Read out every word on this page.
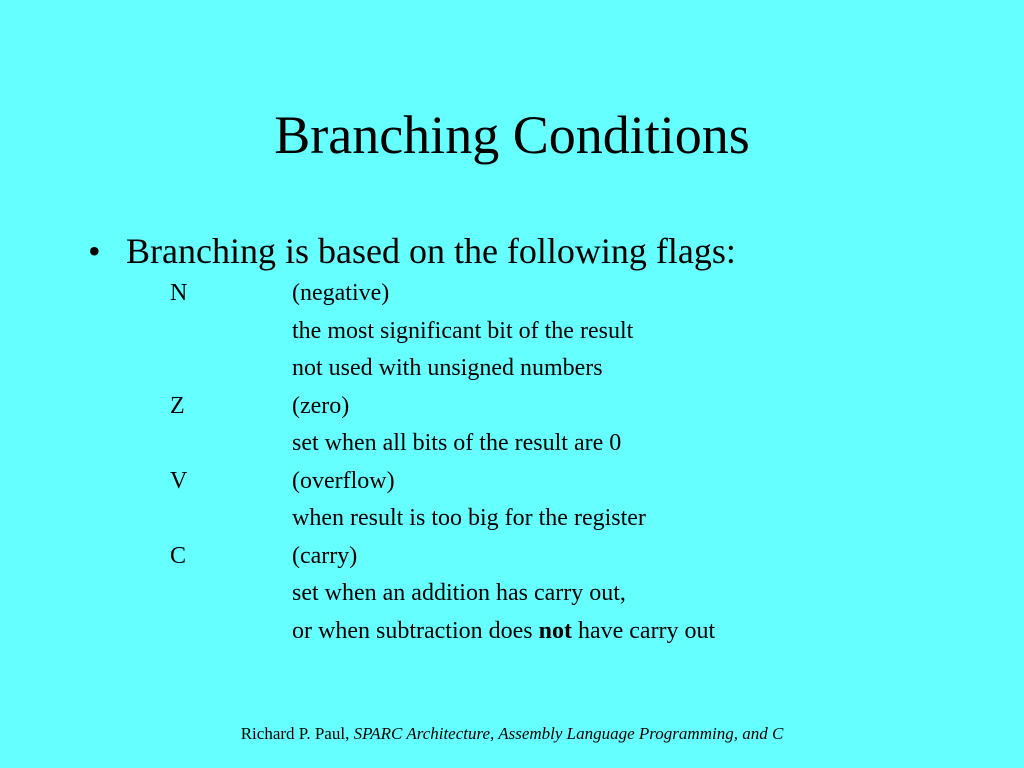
Branching Conditions
• Branching is based on the following flags:
N	(negative)
the most significant bit of the result
not used with unsigned numbers
Z	(zero)
set when all bits of the result are 0
V	(overflow)
when result is too big for the register
C	(carry)
set when an addition has carry out,
or when subtraction does not have carry out
Richard P. Paul, SPARC Architecture, Assembly Language Programming, and C
